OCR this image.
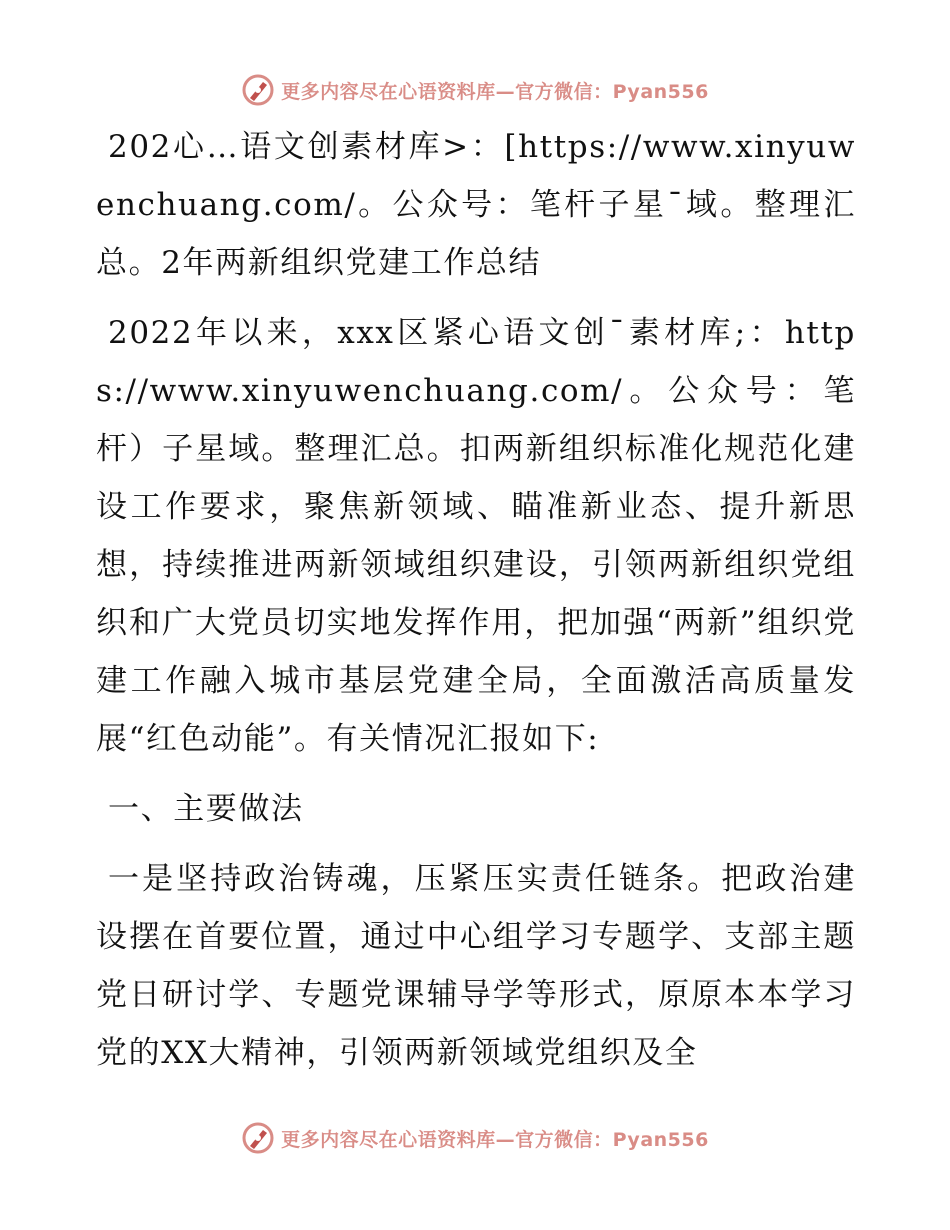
更多内容尽在心语资料库—官方微信：Pyan556

202心…语文创素材库>：[https://www.xinyuwenchuang.com/。公众号：笔杆子星¯域。整理汇总。2年两新组织党建工作总结

2022年以来，xxx区紧心语文创¯素材库;：https://www.xinyuwenchuang.com/。公众号：笔杆）子星域。整理汇总。扣两新组织标准化规范化建设工作要求，聚焦新领域、瞄准新业态、提升新思想，持续推进两新领域组织建设，引领两新组织党组织和广大党员切实地发挥作用，把加强“两新”组织党建工作融入城市基层党建全局，全面激活高质量发展“红色动能”。有关情况汇报如下:

一、主要做法

一是坚持政治铸魂，压紧压实责任链条。把政治建设摆在首要位置，通过中心组学习专题学、支部主题党日研讨学、专题党课辅导学等形式，原原本本学习党的XX大精神，引领两新领域党组织及全

更多内容尽在心语资料库—官方微信：Pyan556
